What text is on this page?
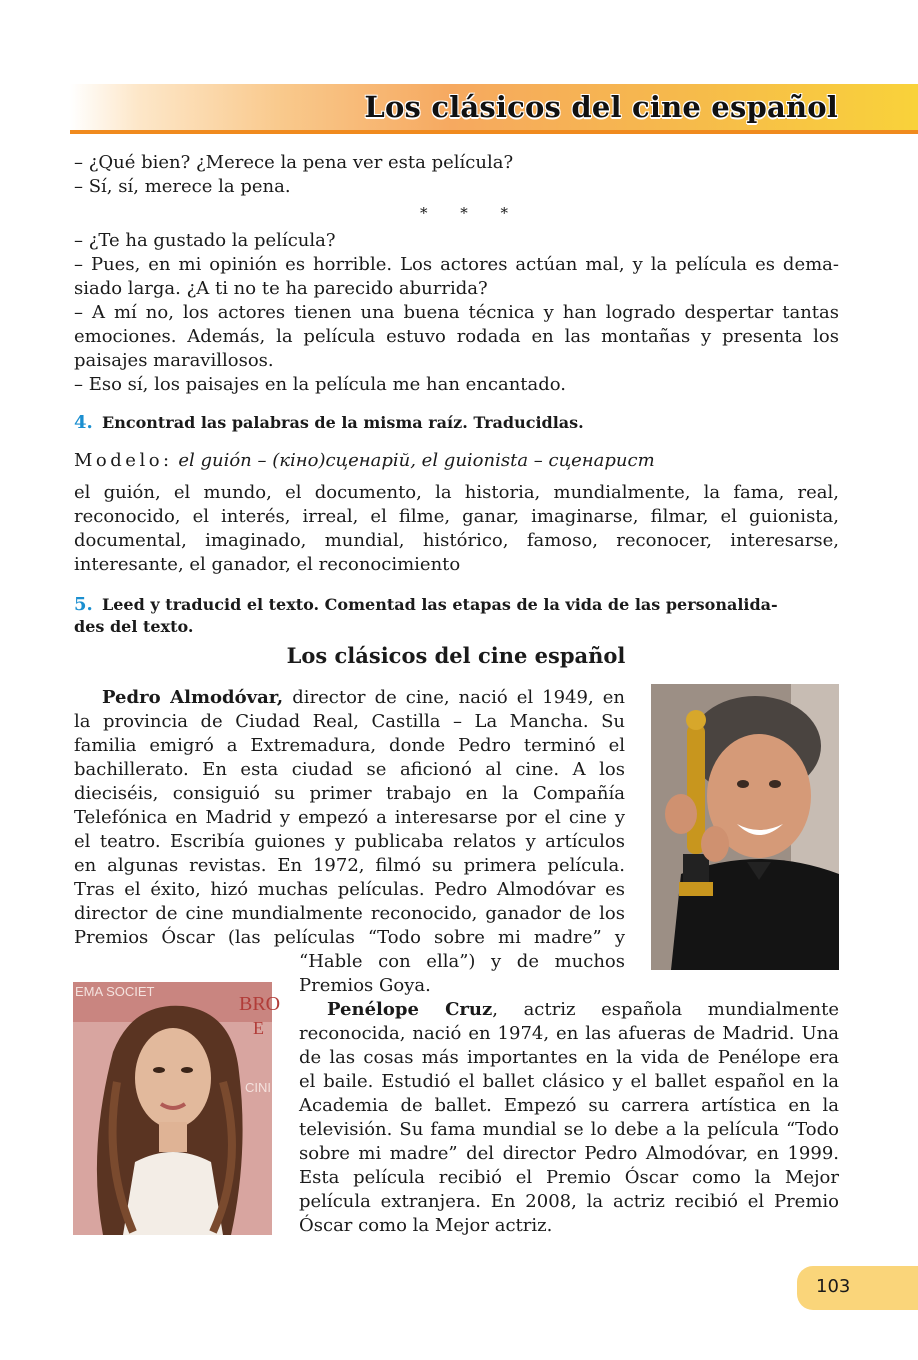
Los clásicos del cine español

– ¿Qué bien? ¿Merece la pena ver esta película?

– Sí, sí, merece la pena.

* * *

– ¿Te ha gustado la película?

– Pues, en mi opinión es horrible. Los actores actúan mal, y la película es dema-

siado larga. ¿A ti no te ha parecido aburrida?

– A mí no, los actores tienen una buena técnica y han logrado despertar tantas

emociones. Además, la película estuvo rodada en las montañas y presenta los

paisajes maravillosos.

– Eso sí, los paisajes en la película me han encantado.

4. Encontrad las palabras de la misma raíz. Traducidlas.
Modelo: el guión – (кіно)сценарій, el guionista – сценарист

el guión, el mundo, el documento, la historia, mundialmente, la fama, real,

reconocido, el interés, irreal, el filme, ganar, imaginarse, filmar, el guionista,

documental, imaginado, mundial, histórico, famoso, reconocer, interesarse,

interesante, el ganador, el reconocimiento

5. Leed y traducid el texto. Comentad las etapas de la vida de las personalida-
des del texto.
Los clásicos del cine español

Pedro Almodóvar, director de cine, nació el 1949, en

la provincia de Ciudad Real, Castilla – La Mancha. Su

familia emigró a Extremadura, donde Pedro terminó el

bachillerato. En esta ciudad se aficionó al cine. A los

dieciséis, consiguió su primer trabajo en la Compañía

Telefónica en Madrid y empezó a interesarse por el cine y

el teatro. Escribía guiones y publicaba relatos y artículos

en algunas revistas. En 1972, filmó su primera película.

Tras el éxito, hizó muchas películas. Pedro Almodóvar es

director de cine mundialmente reconocido, ganador de los

Premios Óscar (las películas “Todo sobre mi madre” y

“Hable con ella”) y de muchos

Premios Goya.

EMA SOCIET
BRO
E
CINI

Penélope Cruz, actriz española mundialmente

reconocida, nació en 1974, en las afueras de Madrid. Una

de las cosas más importantes en la vida de Penélope era

el baile. Estudió el ballet clásico y el ballet español en la

Academia de ballet. Empezó su carrera artística en la

televisión. Su fama mundial se lo debe a la película “Todo

sobre mi madre” del director Pedro Almodóvar, en 1999.

Esta película recibió el Premio Óscar como la Mejor

película extranjera. En 2008, la actriz recibió el Premio

Óscar como la Mejor actriz.

103
